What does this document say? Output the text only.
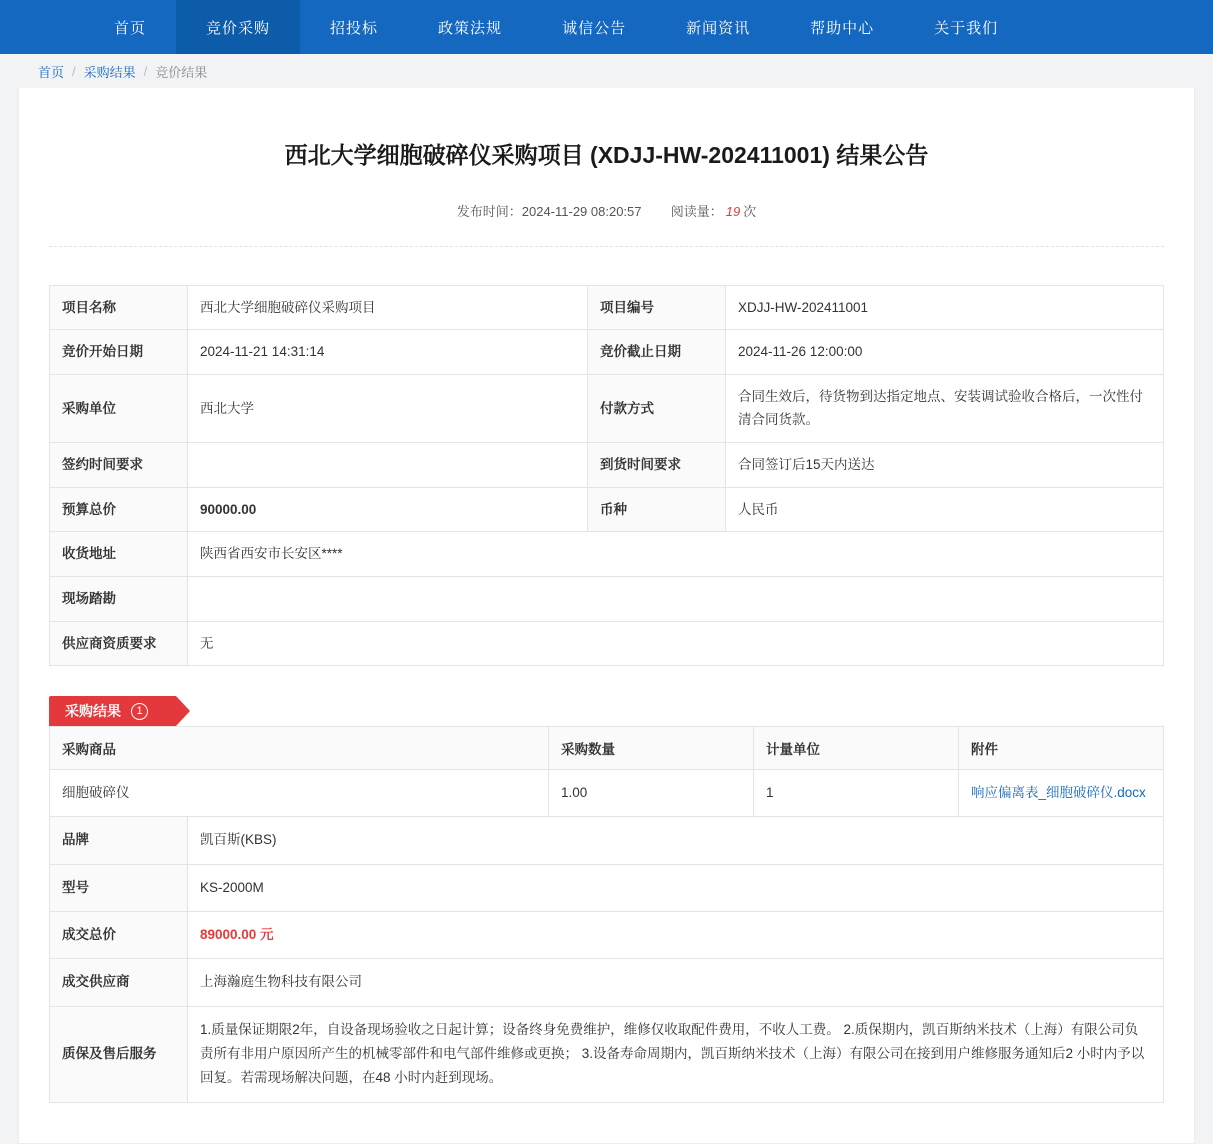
首页	竞价采购	招投标	政策法规	诚信公告	新闻资讯	帮助中心	关于我们
首页 / 采购结果 / 竞价结果
西北大学细胞破碎仪采购项目 (XDJJ-HW-202411001) 结果公告
发布时间：2024-11-29 08:20:57 阅读量： 19 次
项目名称	西北大学细胞破碎仪采购项目	项目编号	XDJJ-HW-202411001
竞价开始日期	2024-11-21 14:31:14	竞价截止日期	2024-11-26 12:00:00
采购单位	西北大学	付款方式	合同生效后，待货物到达指定地点、安装调试验收合格后，一次性付清合同货款。
签约时间要求		到货时间要求	合同签订后15天内送达
预算总价	90000.00	币种	人民币
收货地址	陕西省西安市长安区****		
现场踏勘			
供应商资质要求	无		
采购结果	1
采购商品		采购数量	计量单位	附件
细胞破碎仪		1.00	1	响应偏离表_细胞破碎仪.docx
品牌	凯百斯(KBS)			
型号	KS-2000M			
成交总价	89000.00 元			
成交供应商	上海瀚庭生物科技有限公司			
质保及售后服务	1.质量保证期限2年，自设备现场验收之日起计算；设备终身免费维护，维修仅收取配件费用，不收人工费。 2.质保期内，凯百斯纳米技术（上海）有限公司负责所有非用户原因所产生的机械零部件和电气部件维修或更换； 3.设备寿命周期内，凯百斯纳米技术（上海）有限公司在接到用户维修服务通知后2 小时内予以回复。若需现场解决问题，在48 小时内赶到现场。			
